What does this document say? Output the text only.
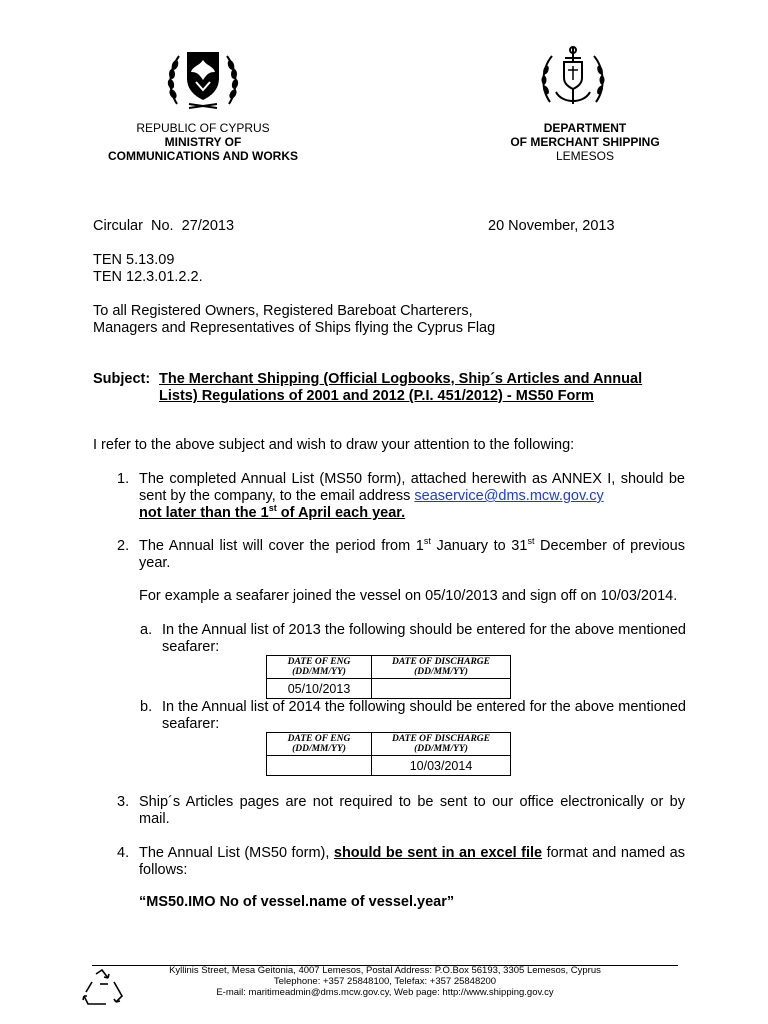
REPUBLIC OF CYPRUS
MINISTRY OF
COMMUNICATIONS AND WORKS
DEPARTMENT
OF MERCHANT SHIPPING
LEMESOS
Circular  No.  27/2013	20 November, 2013
TEN 5.13.09
TEN 12.3.01.2.2.
To all Registered Owners, Registered Bareboat Charterers,
Managers and Representatives of Ships flying the Cyprus Flag
Subject: The Merchant Shipping (Official Logbooks, Ship´s Articles and Annual
Lists) Regulations of 2001 and 2012 (P.I. 451/2012) - MS50 Form
I refer to the above subject and wish to draw your attention to the following:
1. The completed Annual List (MS50 form), attached herewith as ANNEX I, should be sent by the company, to the email address seaservice@dms.mcw.gov.cy
not later than the 1st of April each year.
2. The Annual list will cover the period from 1st January to 31st December of previous year.
For example a seafarer joined the vessel on 05/10/2013 and sign off on 10/03/2014.
a. In the Annual list of 2013 the following should be entered for the above mentioned seafarer:
DATE OF ENG
(DD/MM/YY)	DATE OF DISCHARGE
(DD/MM/YY)
05/10/2013	
b. In the Annual list of 2014 the following should be entered for the above mentioned seafarer:
DATE OF ENG
(DD/MM/YY)	DATE OF DISCHARGE
(DD/MM/YY)
	10/03/2014
3. Ship´s Articles pages are not required to be sent to our office electronically or by mail.
4. The Annual List (MS50 form), should be sent in an excel file format and named as follows:
“MS50.IMO No of vessel.name of vessel.year”
Kyllinis Street, Mesa Geitonia, 4007 Lemesos, Postal Address: P.O.Box 56193, 3305 Lemesos, Cyprus
Telephone: +357 25848100, Telefax: +357 25848200
E-mail: maritimeadmin@dms.mcw.gov.cy, Web page: http://www.shipping.gov.cy
